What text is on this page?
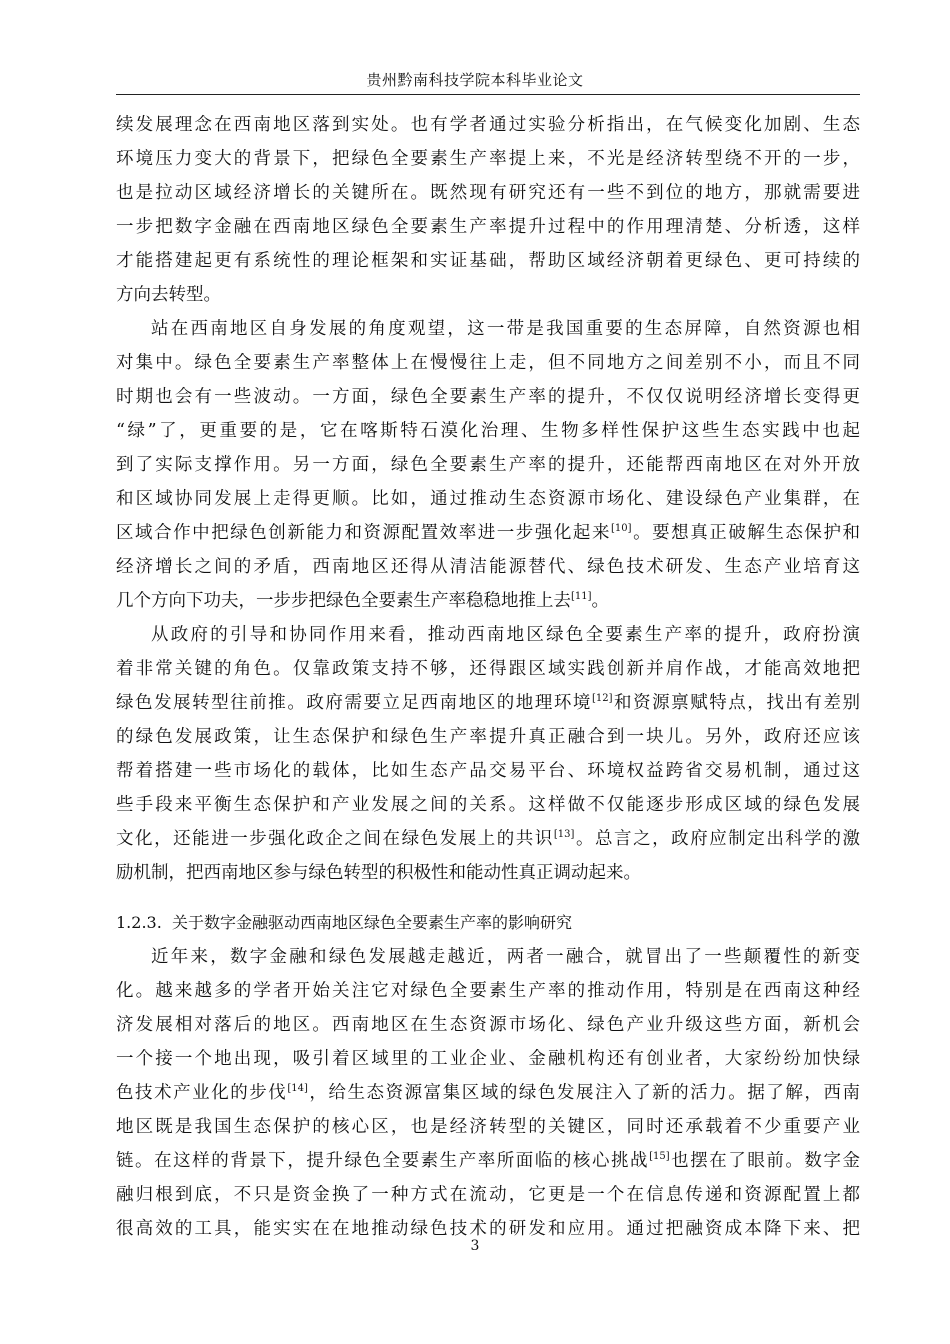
贵州黔南科技学院本科毕业论文
续发展理念在西南地区落到实处。也有学者通过实验分析指出，在气候变化加剧、生态
环境压力变大的背景下，把绿色全要素生产率提上来，不光是经济转型绕不开的一步，
也是拉动区域经济增长的关键所在。既然现有研究还有一些不到位的地方，那就需要进
一步把数字金融在西南地区绿色全要素生产率提升过程中的作用理清楚、分析透，这样
才能搭建起更有系统性的理论框架和实证基础，帮助区域经济朝着更绿色、更可持续的
方向去转型。
站在西南地区自身发展的角度观望，这一带是我国重要的生态屏障，自然资源也相
对集中。绿色全要素生产率整体上在慢慢往上走，但不同地方之间差别不小，而且不同
时期也会有一些波动。一方面，绿色全要素生产率的提升，不仅仅说明经济增长变得更
“绿”了，更重要的是，它在喀斯特石漠化治理、生物多样性保护这些生态实践中也起
到了实际支撑作用。另一方面，绿色全要素生产率的提升，还能帮西南地区在对外开放
和区域协同发展上走得更顺。比如，通过推动生态资源市场化、建设绿色产业集群，在
区域合作中把绿色创新能力和资源配置效率进一步强化起来[10]。要想真正破解生态保护和
经济增长之间的矛盾，西南地区还得从清洁能源替代、绿色技术研发、生态产业培育这
几个方向下功夫，一步步把绿色全要素生产率稳稳地推上去[11]。
从政府的引导和协同作用来看，推动西南地区绿色全要素生产率的提升，政府扮演
着非常关键的角色。仅靠政策支持不够，还得跟区域实践创新并肩作战，才能高效地把
绿色发展转型往前推。政府需要立足西南地区的地理环境[12]和资源禀赋特点，找出有差别
的绿色发展政策，让生态保护和绿色生产率提升真正融合到一块儿。另外，政府还应该
帮着搭建一些市场化的载体，比如生态产品交易平台、环境权益跨省交易机制，通过这
些手段来平衡生态保护和产业发展之间的关系。这样做不仅能逐步形成区域的绿色发展
文化，还能进一步强化政企之间在绿色发展上的共识[13]。总言之，政府应制定出科学的激
励机制，把西南地区参与绿色转型的积极性和能动性真正调动起来。
1.2.3. 关于数字金融驱动西南地区绿色全要素生产率的影响研究
近年来，数字金融和绿色发展越走越近，两者一融合，就冒出了一些颠覆性的新变
化。越来越多的学者开始关注它对绿色全要素生产率的推动作用，特别是在西南这种经
济发展相对落后的地区。西南地区在生态资源市场化、绿色产业升级这些方面，新机会
一个接一个地出现，吸引着区域里的工业企业、金融机构还有创业者，大家纷纷加快绿
色技术产业化的步伐[14]，给生态资源富集区域的绿色发展注入了新的活力。据了解，西南
地区既是我国生态保护的核心区，也是经济转型的关键区，同时还承载着不少重要产业
链。在这样的背景下，提升绿色全要素生产率所面临的核心挑战[15]也摆在了眼前。数字金
融归根到底，不只是资金换了一种方式在流动，它更是一个在信息传递和资源配置上都
很高效的工具，能实实在在地推动绿色技术的研发和应用。通过把融资成本降下来、把
3
